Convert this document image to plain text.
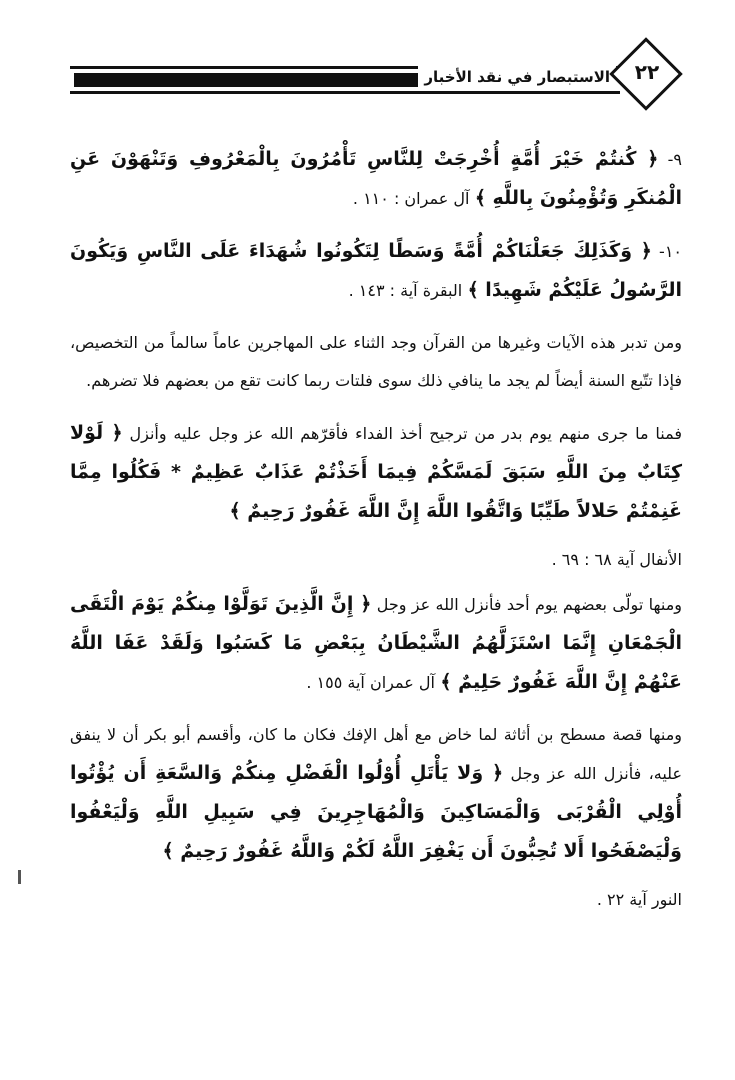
الاستبصار في نقد الأخبار	٢٢

٩- ﴿ كُنتُمْ خَيْرَ أُمَّةٍ أُخْرِجَتْ لِلنَّاسِ تَأْمُرُونَ بِالْمَعْرُوفِ وَتَنْهَوْنَ عَنِ الْمُنكَرِ وَتُؤْمِنُونَ بِاللَّهِ ﴾ آل عمران : ١١٠ .

١٠- ﴿ وَكَذَلِكَ جَعَلْنَاكُمْ أُمَّةً وَسَطًا لِتَكُونُوا شُهَدَاءَ عَلَى النَّاسِ وَيَكُونَ الرَّسُولُ عَلَيْكُمْ شَهِيدًا ﴾ البقرة آية : ١٤٣ .

ومن تدبر هذه الآيات وغيرها من القرآن وجد الثناء على المهاجرين عاماً سالماً من التخصيص، فإذا تتّبع السنة أيضاً لم يجد ما ينافي ذلك سوى فلتات ربما كانت تقع من بعضهم فلا تضرهم.

فمنا ما جرى منهم يوم بدر من ترجيح أخذ الفداء فأقرّهم الله عز وجل عليه وأنزل ﴿ لَوْلا كِتَابٌ مِنَ اللَّهِ سَبَقَ لَمَسَّكُمْ فِيمَا أَخَذْتُمْ عَذَابٌ عَظِيمٌ * فَكُلُوا مِمَّا غَنِمْتُمْ حَلالاً طَيِّبًا وَاتَّقُوا اللَّهَ إِنَّ اللَّهَ غَفُورٌ رَحِيمٌ ﴾

الأنفال آية ٦٨ : ٦٩ .

ومنها تولّى بعضهم يوم أحد فأنزل الله عز وجل ﴿ إِنَّ الَّذِينَ تَوَلَّوْا مِنكُمْ يَوْمَ الْتَقَى الْجَمْعَانِ إِنَّمَا اسْتَزَلَّهُمُ الشَّيْطَانُ بِبَعْضِ مَا كَسَبُوا وَلَقَدْ عَفَا اللَّهُ عَنْهُمْ إِنَّ اللَّهَ غَفُورٌ حَلِيمٌ ﴾ آل عمران آية ١٥٥ .

ومنها قصة مسطح بن أثاثة لما خاض مع أهل الإفك فكان ما كان، وأقسم أبو بكر أن لا ينفق عليه، فأنزل الله عز وجل ﴿ وَلا يَأْتَلِ أُوْلُوا الْفَضْلِ مِنكُمْ وَالسَّعَةِ أَن يُؤْتُوا أُوْلِي الْقُرْبَى وَالْمَسَاكِينَ وَالْمُهَاجِرِينَ فِي سَبِيلِ اللَّهِ وَلْيَعْفُوا وَلْيَصْفَحُوا أَلا تُحِبُّونَ أَن يَغْفِرَ اللَّهُ لَكُمْ وَاللَّهُ غَفُورٌ رَحِيمٌ ﴾

النور آية ٢٢ .
